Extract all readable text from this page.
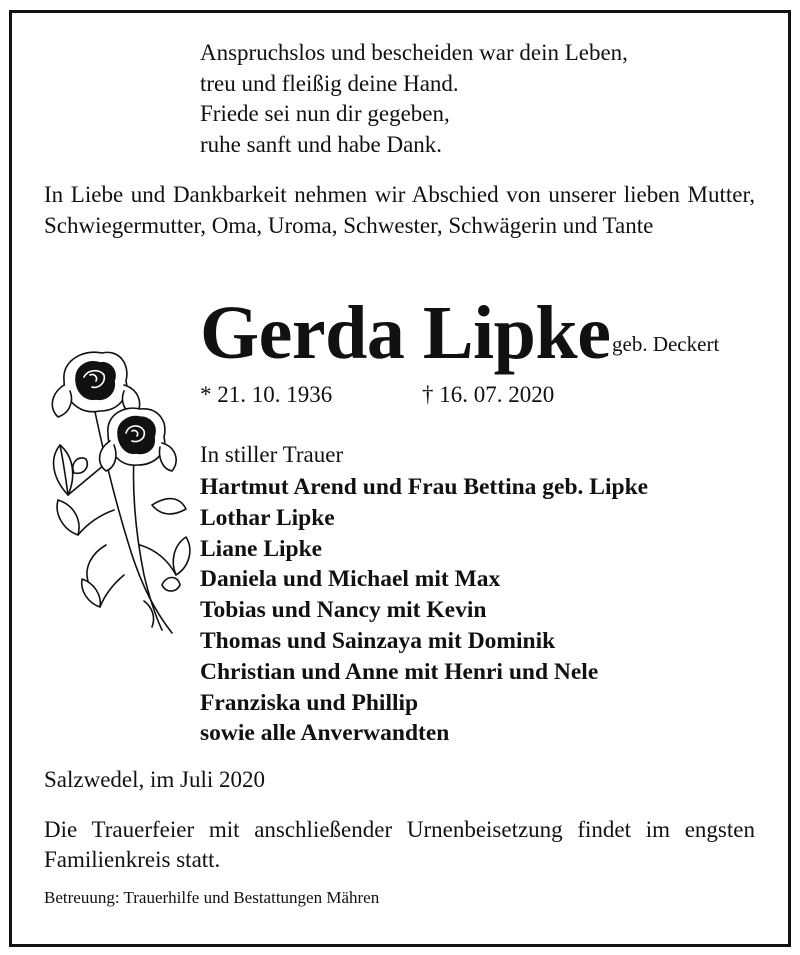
Anspruchslos und bescheiden war dein Leben,
treu und fleißig deine Hand.
Friede sei nun dir gegeben,
ruhe sanft und habe Dank.
In Liebe und Dankbarkeit nehmen wir Abschied von unserer lieben Mutter, Schwiegermutter, Oma, Uroma, Schwester, Schwägerin und Tante
Gerda Lipke geb. Deckert
* 21. 10. 1936	† 16. 07. 2020
In stiller Trauer
Hartmut Arend und Frau Bettina geb. Lipke
Lothar Lipke
Liane Lipke
Daniela und Michael mit Max
Tobias und Nancy mit Kevin
Thomas und Sainzaya mit Dominik
Christian und Anne mit Henri und Nele
Franziska und Phillip
sowie alle Anverwandten
Salzwedel, im Juli 2020
Die Trauerfeier mit anschließender Urnenbeisetzung findet im engsten Familienkreis statt.
Betreuung: Trauerhilfe und Bestattungen Mähren
